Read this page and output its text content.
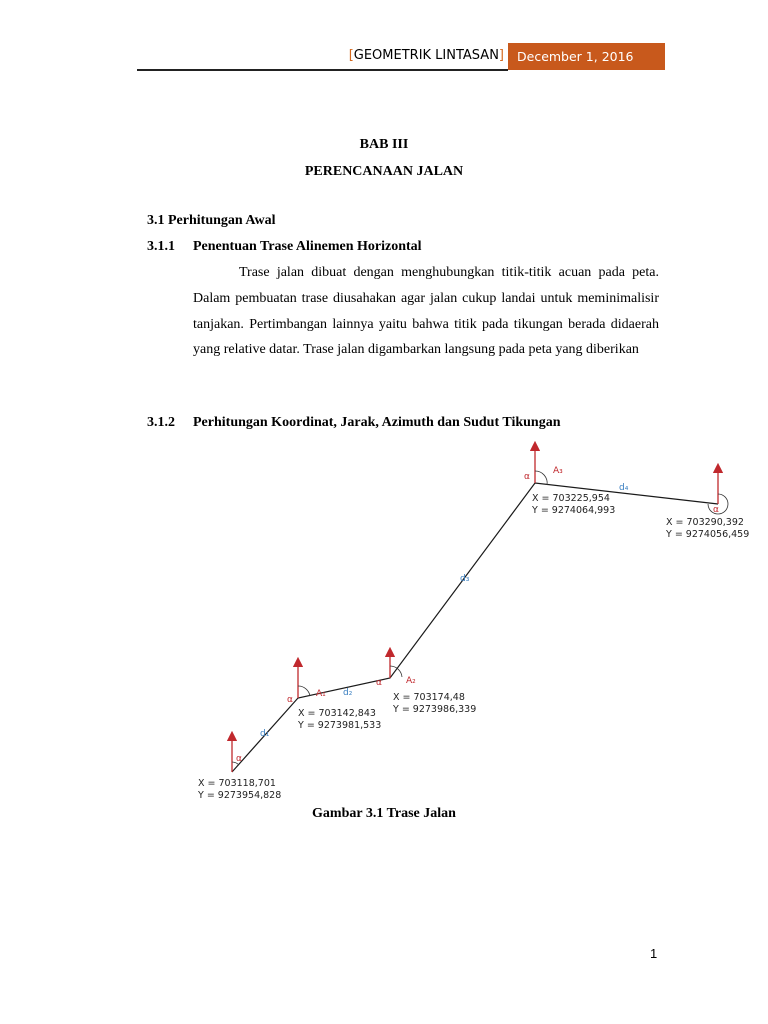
[GEOMETRIK LINTASAN]	December 1, 2016
BAB III
PERENCANAAN JALAN
3.1 Perhitungan Awal
3.1.1 Penentuan Trase Alinemen Horizontal

Trase jalan dibuat dengan menghubungkan titik-titik acuan pada peta. Dalam pembuatan trase diusahakan agar jalan cukup landai untuk meminimalisir tanjakan. Pertimbangan lainnya yaitu bahwa titik pada tikungan berada didaerah yang relative datar. Trase jalan digambarkan langsung pada peta yang diberikan

3.1.2 Perhitungan Koordinat, Jarak, Azimuth dan Sudut Tikungan
α
α
A₁
α	A₂
α
A₃
α
d₁
d₂
d₃
d₄
X = 703118,701
Y = 9273954,828
X = 703142,843
Y = 9273981,533
X = 703174,48
Y = 9273986,339
X = 703225,954
Y = 9274064,993
X = 703290,392
Y = 9274056,459
Gambar 3.1 Trase Jalan
1
